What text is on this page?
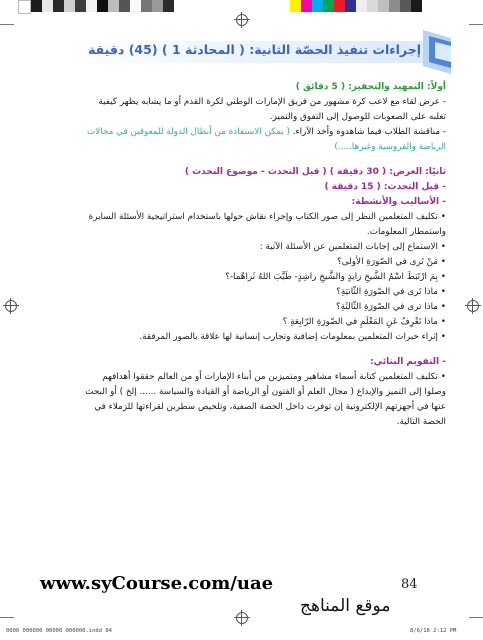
إجراءات تنفيذ الحصّة الثانية: ( المحادثة 1 ) (45) دقيقة
أولاً: التمهيد والتحفيز: ( 5 دقائق )
- عرض لقاء مع لاعب كرة مشهور من فريق الإمارات الوطني لكرة القدم أو ما يشابه يظهر كيفية
تغلبه على الصعوبات للوصول إلى التفوق والتميز.
- مناقشة الطلاب فيما شاهدوه وأخذ الآراء. ( يمكن الاستفادة من أبطال الدولة للمعوقين في مجالات
الرياضة والفروسية وغيرها.....)
ثانيًا: العرض: ( 30 دقيقة ) ( قبل التحدث - موضوع التحدث )
- قبل التحدث: ( 15 دقيقة )
- الأساليب والأنشطة:
• تكليف المتعلمين النظر إلى صور الكتاب وإجراء نقاش حولها باستخدام استراتيجية الأسئلة السابرة
واستمطار المعلومات.
• الاستماع إلى إجابات المتعلمين عن الأسئلة الآتية :
• مَنْ تَرى في الصّورَةِ الأولى؟
• بِمَ ارْتَبَطَ اسْمُ الشَّيخِ زايدٍ والشَّيخِ راشِدٍ- طَيَّبَ اللهُ ثَراهُما-؟
• ماذا تَرى في الصّورَةِ الثّانيَةِ؟
• ماذا ترى في الصّورَةِ الثّالثَةِ؟
• ماذا تَعْرِفُ عَنِ المَعْلَمِ في الصّورَةِ الرّابِعَةِ ؟
• إثراء خبرات المتعلمين بمعلومات إضافية وتجارب إنسانية لها علاقة بالصور المرفقة.
- التقويم البنائي:
• تكليف المتعلمين كتابة أسماء مشاهير ومتميزين من أبناء الإمارات أو من العالم حققوا أهدافهم
وصلوا إلى التميز والإبداع ( مجال العلم أو الفنون أو الرياضة أو القيادة والسياسة ...... إلخ ) أو البحث
عنها في أجهزتهم الإلكترونية إن توفرت داخل الحصة الصفية، وتلخيص سطرين لقراءتها للزملاء في
الحصة التالية.
www.syCourse.com/uae	84
موقع المناهج
0000 000000 00000 000000.indd 84	8/6/18 2:12 PM
